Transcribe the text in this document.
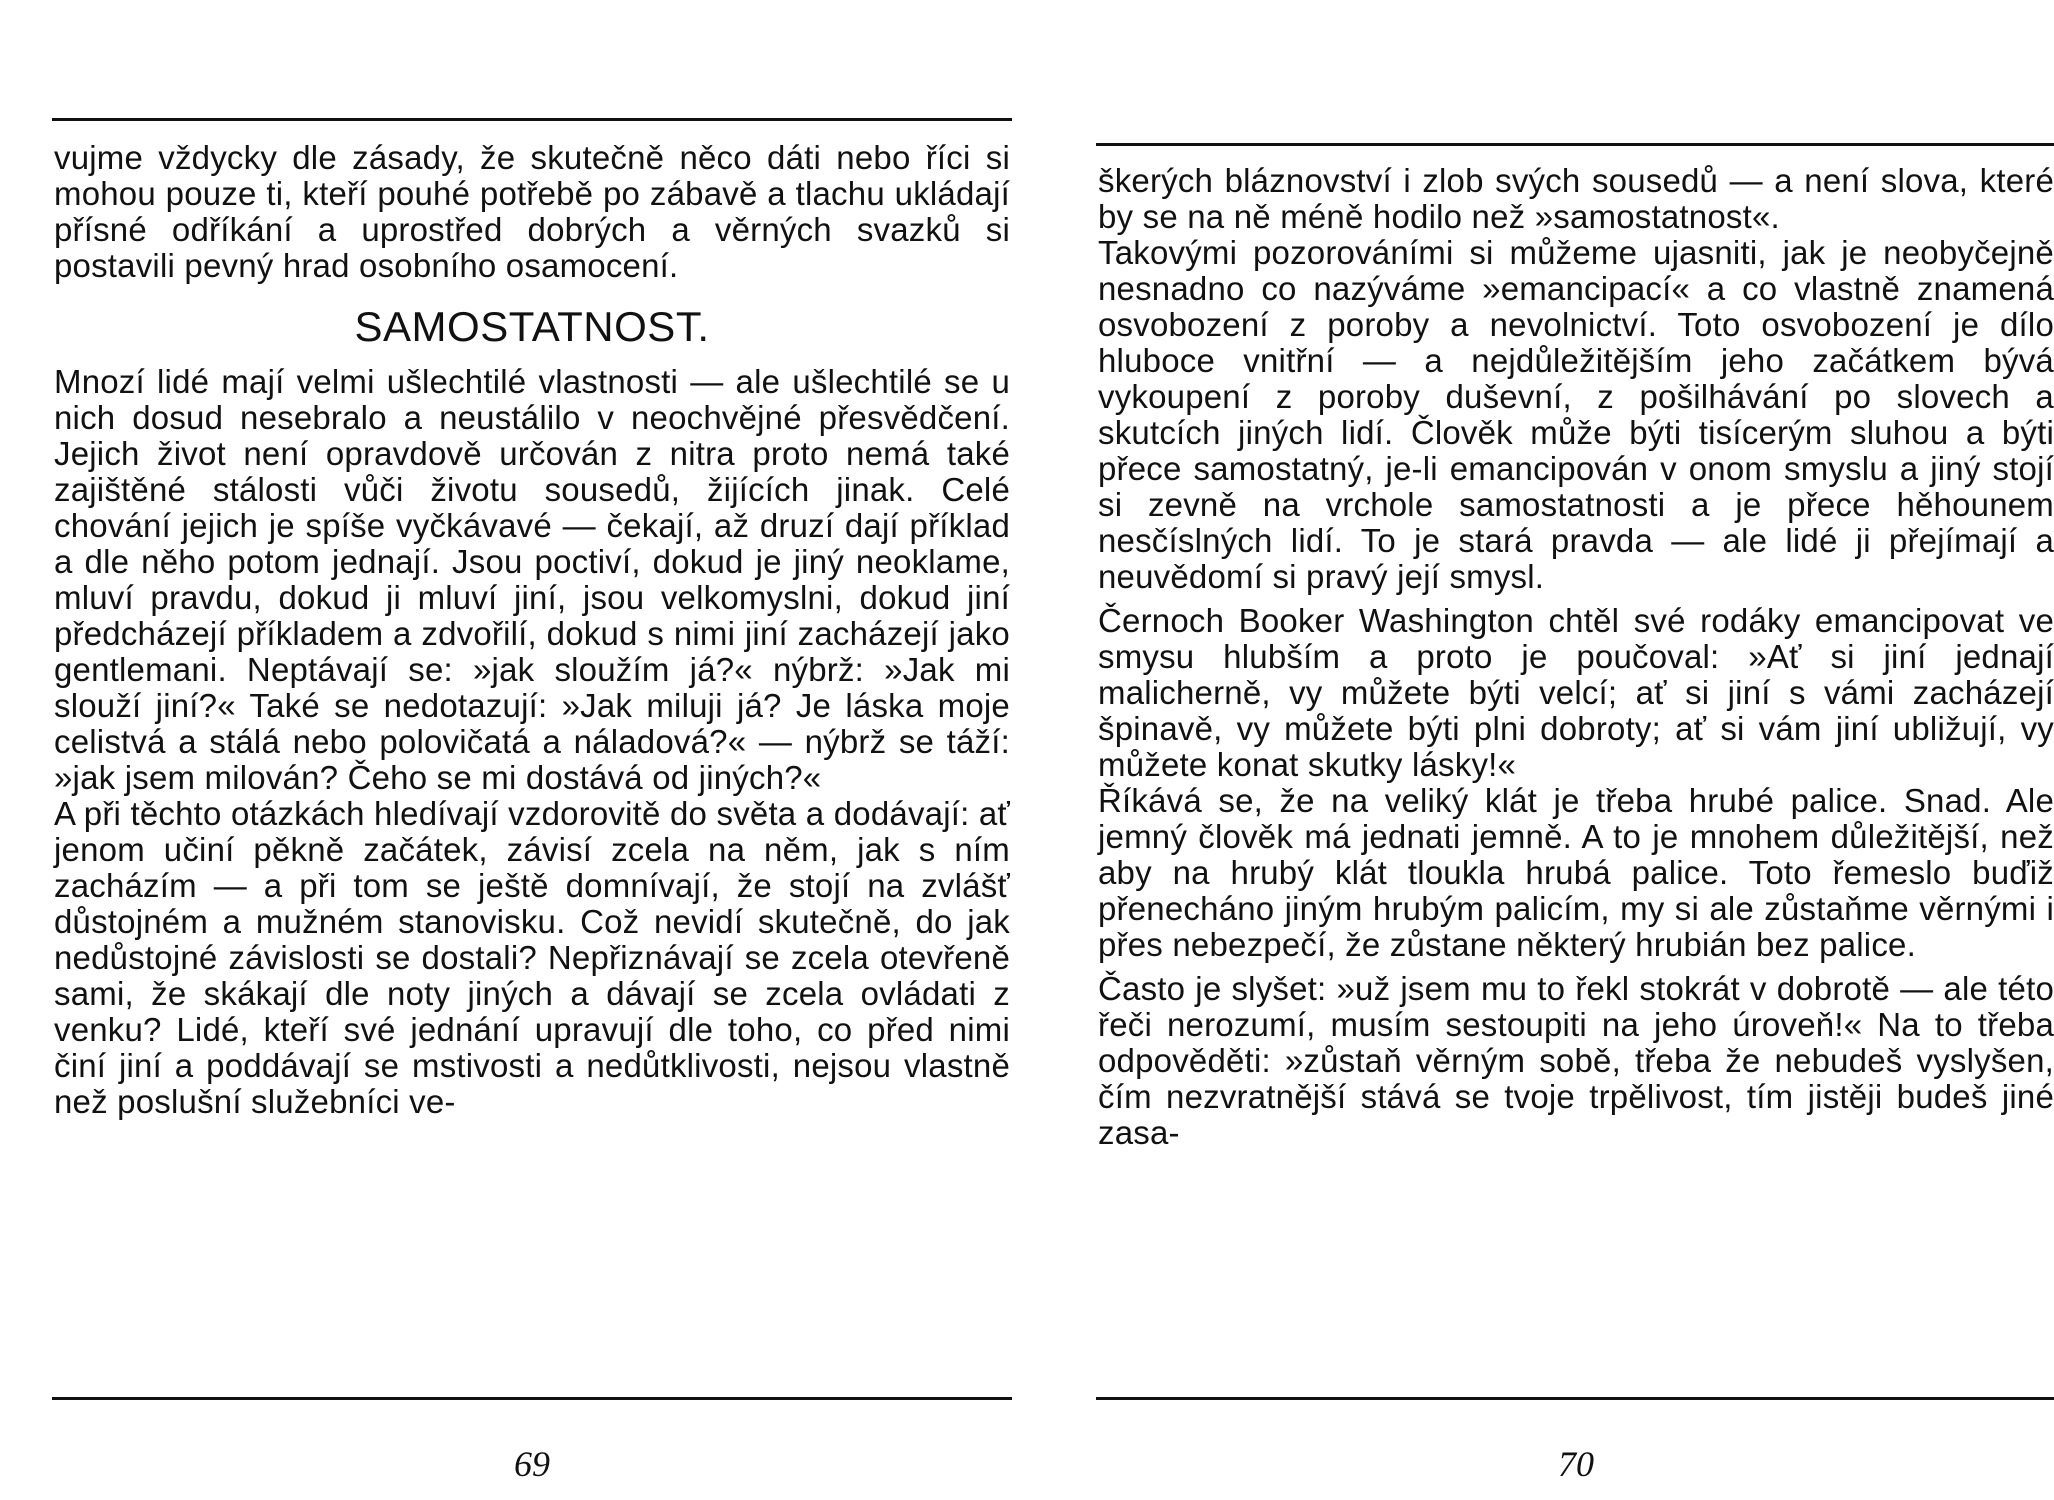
vujme vždycky dle zásady, že skutečně něco dáti nebo říci si mohou pouze ti, kteří pouhé potřebě po zábavě a tlachu ukládají přísné odříkání a uprostřed dobrých a věrných svazků si postavili pevný hrad osobního osamocení.

SAMOSTATNOST.

Mnozí lidé mají velmi ušlechtilé vlastnosti — ale ušlechtilé se u nich dosud nesebralo a neustálilo v neochvějné přesvědčení. Jejich život není opravdově určován z nitra proto nemá také zajištěné stálosti vůči životu sousedů, žijících jinak. Celé chování jejich je spíše vyčkávavé — čekají, až druzí dají příklad a dle něho potom jednají. Jsou poctiví, dokud je jiný neoklame, mluví pravdu, dokud ji mluví jiní, jsou velkomyslni, dokud jiní předcházejí příkladem a zdvořilí, dokud s nimi jiní zacházejí jako gentlemani. Neptávají se: »jak sloužím já?« nýbrž: »Jak mi slouží jiní?« Také se nedotazují: »Jak miluji já? Je láska moje celistvá a stálá nebo polovičatá a náladová?« — nýbrž se táží: »jak jsem milován? Čeho se mi dostává od jiných?«

A při těchto otázkách hledívají vzdorovitě do světa a dodávají: ať jenom učiní pěkně začátek, závisí zcela na něm, jak s ním zacházím — a při tom se ještě domnívají, že stojí na zvlášť důstojném a mužném stanovisku. Což nevidí skutečně, do jak nedůstojné závislosti se dostali? Nepřiznávají se zcela otevřeně sami, že skákají dle noty jiných a dávají se zcela ovládati z venku? Lidé, kteří své jednání upravují dle toho, co před nimi činí jiní a poddávají se mstivosti a nedůtklivosti, nejsou vlastně než poslušní služebníci ve-

69

škerých bláznovství i zlob svých sousedů — a není slova, které by se na ně méně hodilo než »samostatnost«.

Takovými pozorováními si můžeme ujasniti, jak je neobyčejně nesnadno co nazýváme »emancipací« a co vlastně znamená osvobození z poroby a nevolnictví. Toto osvobození je dílo hluboce vnitřní — a nejdůležitějším jeho začátkem bývá vykoupení z poroby duševní, z pošilhávání po slovech a skutcích jiných lidí. Člověk může býti tisícerým sluhou a býti přece samostatný, je-li emancipován v onom smyslu a jiný stojí si zevně na vrchole samostatnosti a je přece hěhounem nesčíslných lidí. To je stará pravda — ale lidé ji přejímají a neuvědomí si pravý její smysl.

Černoch Booker Washington chtěl své rodáky emancipovat ve smysu hlubším a proto je poučoval: »Ať si jiní jednají malicherně, vy můžete býti velcí; ať si jiní s vámi zacházejí špinavě, vy můžete býti plni dobroty; ať si vám jiní ubližují, vy můžete konat skutky lásky!«

Říkává se, že na veliký klát je třeba hrubé palice. Snad. Ale jemný člověk má jednati jemně. A to je mnohem důležitější, než aby na hrubý klát tloukla hrubá palice. Toto řemeslo buďiž přenecháno jiným hrubým palicím, my si ale zůstaňme věrnými i přes nebezpečí, že zůstane některý hrubián bez palice.

Často je slyšet: »už jsem mu to řekl stokrát v dobrotě — ale této řeči nerozumí, musím sestoupiti na jeho úroveň!« Na to třeba odpověděti: »zůstaň věrným sobě, třeba že nebudeš vyslyšen, čím nezvratnější stává se tvoje trpělivost, tím jistěji budeš jiné zasa-

70
